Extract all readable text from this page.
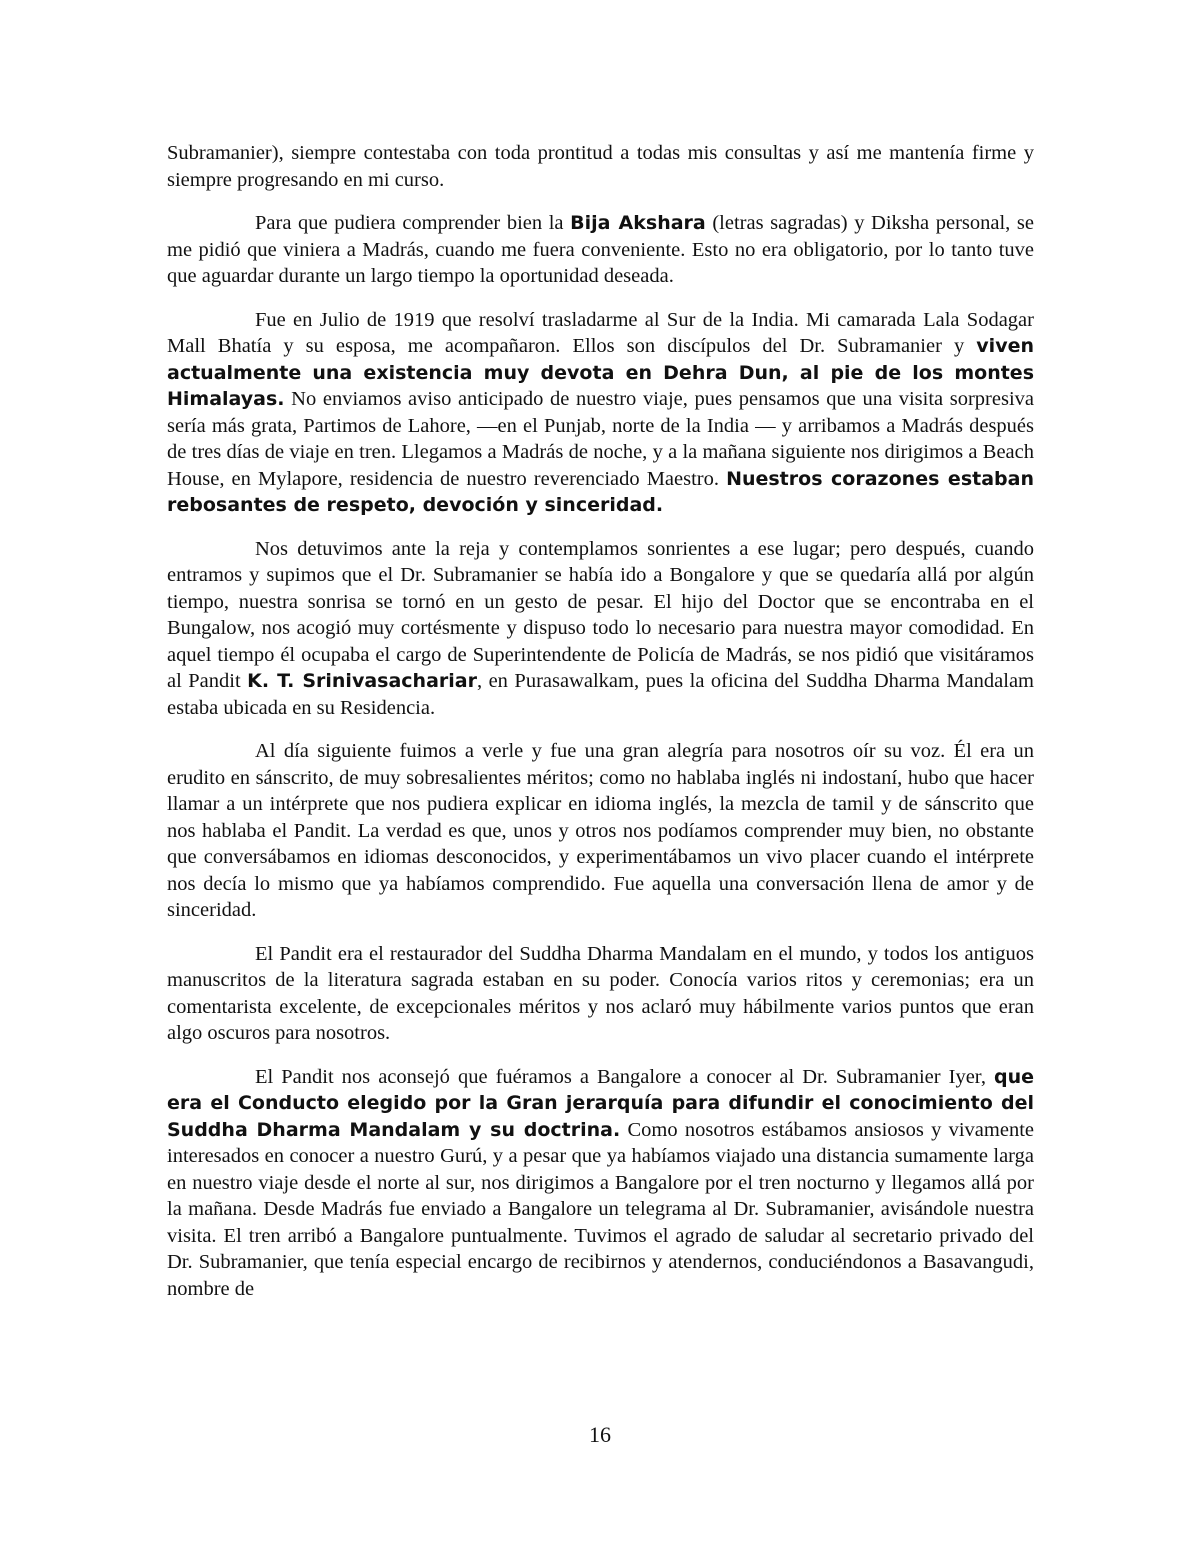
Subramanier), siempre contestaba con toda prontitud a todas mis consultas y así me mantenía firme y siempre progresando en mi curso.

Para que pudiera comprender bien la Bija Akshara (letras sagradas) y Diksha personal, se me pidió que viniera a Madrás, cuando me fuera conveniente. Esto no era obligatorio, por lo tanto tuve que aguardar durante un largo tiempo la oportunidad deseada.

Fue en Julio de 1919 que resolví trasladarme al Sur de la India. Mi camarada Lala Sodagar Mall Bhatía y su esposa, me acompañaron. Ellos son discípulos del Dr. Subramanier y viven actualmente una existencia muy devota en Dehra Dun, al pie de los montes Himalayas. No enviamos aviso anticipado de nuestro viaje, pues pensamos que una visita sorpresiva sería más grata, Partimos de Lahore, —en el Punjab, norte de la India — y arribamos a Madrás después de tres días de viaje en tren. Llegamos a Madrás de noche, y a la mañana siguiente nos dirigimos a Beach House, en Mylapore, residencia de nuestro reverenciado Maestro. Nuestros corazones estaban rebosantes de respeto, devoción y sinceridad.

Nos detuvimos ante la reja y contemplamos sonrientes a ese lugar; pero después, cuando entramos y supimos que el Dr. Subramanier se había ido a Bongalore y que se quedaría allá por algún tiempo, nuestra sonrisa se tornó en un gesto de pesar. El hijo del Doctor que se encontraba en el Bungalow, nos acogió muy cortésmente y dispuso todo lo necesario para nuestra mayor comodidad. En aquel tiempo él ocupaba el cargo de Superintendente de Policía de Madrás, se nos pidió que visitáramos al Pandit K. T. Srinivasachariar, en Purasawalkam, pues la oficina del Suddha Dharma Mandalam estaba ubicada en su Residencia.

Al día siguiente fuimos a verle y fue una gran alegría para nosotros oír su voz. Él era un erudito en sánscrito, de muy sobresalientes méritos; como no hablaba inglés ni indostaní, hubo que hacer llamar a un intérprete que nos pudiera explicar en idioma inglés, la mezcla de tamil y de sánscrito que nos hablaba el Pandit. La verdad es que, unos y otros nos podíamos comprender muy bien, no obstante que conversábamos en idiomas desconocidos, y experimentábamos un vivo placer cuando el intérprete nos decía lo mismo que ya habíamos comprendido. Fue aquella una conversación llena de amor y de sinceridad.

El Pandit era el restaurador del Suddha Dharma Mandalam en el mundo, y todos los antiguos manuscritos de la literatura sagrada estaban en su poder. Conocía varios ritos y ceremonias; era un comentarista excelente, de excepcionales méritos y nos aclaró muy hábilmente varios puntos que eran algo oscuros para nosotros.

El Pandit nos aconsejó que fuéramos a Bangalore a conocer al Dr. Subramanier Iyer, que era el Conducto elegido por la Gran jerarquía para difundir el conocimiento del Suddha Dharma Mandalam y su doctrina. Como nosotros estábamos ansiosos y vivamente interesados en conocer a nuestro Gurú, y a pesar que ya habíamos viajado una distancia sumamente larga en nuestro viaje desde el norte al sur, nos dirigimos a Bangalore por el tren nocturno y llegamos allá por la mañana. Desde Madrás fue enviado a Bangalore un telegrama al Dr. Subramanier, avisándole nuestra visita. El tren arribó a Bangalore puntualmente. Tuvimos el agrado de saludar al secretario privado del Dr. Subramanier, que tenía especial encargo de recibirnos y atendernos, conduciéndonos a Basavangudi, nombre de

16
